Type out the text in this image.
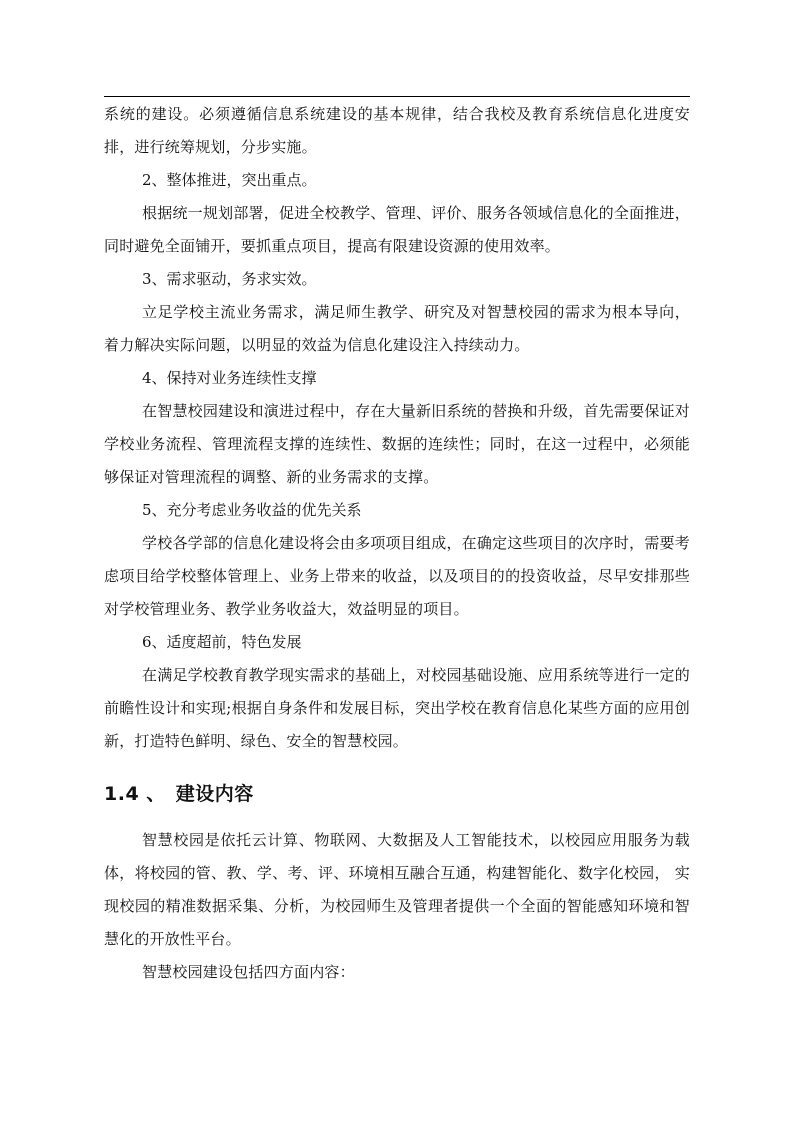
系统的建设。必须遵循信息系统建设的基本规律，结合我校及教育系统信息化进度安排，进行统筹规划，分步实施。

2、整体推进，突出重点。

根据统一规划部署，促进全校教学、管理、评价、服务各领域信息化的全面推进，同时避免全面铺开，要抓重点项目，提高有限建设资源的使用效率。

3、需求驱动，务求实效。

立足学校主流业务需求，满足师生教学、研究及对智慧校园的需求为根本导向， 着力解决实际问题，以明显的效益为信息化建设注入持续动力。

4、保持对业务连续性支撑

在智慧校园建设和演进过程中，存在大量新旧系统的替换和升级，首先需要保证对学校业务流程、管理流程支撑的连续性、数据的连续性；同时，在这一过程中，必须能够保证对管理流程的调整、新的业务需求的支撑。

5、充分考虑业务收益的优先关系

学校各学部的信息化建设将会由多项项目组成，在确定这些项目的次序时，需要考虑项目给学校整体管理上、业务上带来的收益，以及项目的的投资收益，尽早安排那些对学校管理业务、教学业务收益大，效益明显的项目。

6、适度超前，特色发展

在满足学校教育教学现实需求的基础上，对校园基础设施、应用系统等进行一定的前瞻性设计和实现;根据自身条件和发展目标，突出学校在教育信息化某些方面的应用创新，打造特色鲜明、绿色、安全的智慧校园。

1.4 、 建设内容

智慧校园是依托云计算、物联网、大数据及人工智能技术，以校园应用服务为载体，将校园的管、教、学、考、评、环境相互融合互通，构建智能化、数字化校园， 实现校园的精准数据采集、分析，为校园师生及管理者提供一个全面的智能感知环境和智慧化的开放性平台。

智慧校园建设包括四方面内容：
